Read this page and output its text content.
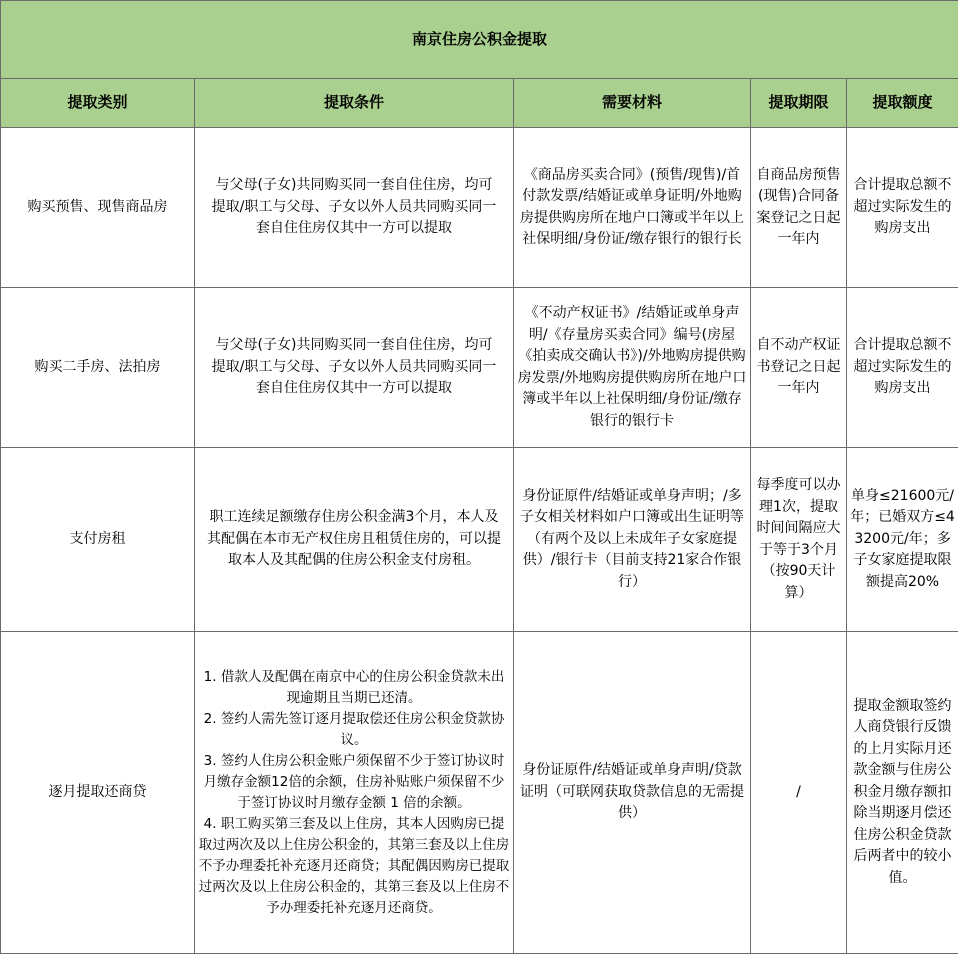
南京住房公积金提取				
提取类别	提取条件	需要材料	提取期限	提取额度
购买预售、现售商品房	与父母(子女)共同购买同一套自住住房，均可提取/职工与父母、子女以外人员共同购买同一套自住住房仅其中一方可以提取	《商品房买卖合同》(预售/现售)/首付款发票/结婚证或单身证明/外地购房提供购房所在地户口簿或半年以上社保明细/身份证/缴存银行的银行长	自商品房预售(现售)合同备案登记之日起一年内	合计提取总额不超过实际发生的购房支出
购买二手房、法拍房	与父母(子女)共同购买同一套自住住房，均可提取/职工与父母、子女以外人员共同购买同一套自住住房仅其中一方可以提取	《不动产权证书》/结婚证或单身声明/《存量房买卖合同》编号(房屋《拍卖成交确认书》)/外地购房提供购房发票/外地购房提供购房所在地户口簿或半年以上社保明细/身份证/缴存银行的银行卡	自不动产权证书登记之日起一年内	合计提取总额不超过实际发生的购房支出
支付房租	职工连续足额缴存住房公积金满3个月，本人及其配偶在本市无产权住房且租赁住房的，可以提取本人及其配偶的住房公积金支付房租。	身份证原件/结婚证或单身声明；/多子女相关材料如户口簿或出生证明等（有两个及以上未成年子女家庭提供）/银行卡（目前支持21家合作银行）	每季度可以办理1次，提取时间间隔应大于等于3个月（按90天计算）	单身≤21600元/年；已婚双方≤43200元/年；多子女家庭提取限额提高20%
逐月提取还商贷	1. 借款人及配偶在南京中心的住房公积金贷款未出现逾期且当期已还清。
2. 签约人需先签订逐月提取偿还住房公积金贷款协议。
3. 签约人住房公积金账户须保留不少于签订协议时月缴存金额12倍的余额，住房补贴账户须保留不少于签订协议时月缴存金额 1 倍的余额。
4. 职工购买第三套及以上住房，其本人因购房已提取过两次及以上住房公积金的，其第三套及以上住房不予办理委托补充逐月还商贷；其配偶因购房已提取过两次及以上住房公积金的，其第三套及以上住房不予办理委托补充逐月还商贷。	身份证原件/结婚证或单身声明/贷款证明（可联网获取贷款信息的无需提供）	/	提取金额取签约人商贷银行反馈的上月实际月还款金额与住房公积金月缴存额扣除当期逐月偿还住房公积金贷款后两者中的较小值。
